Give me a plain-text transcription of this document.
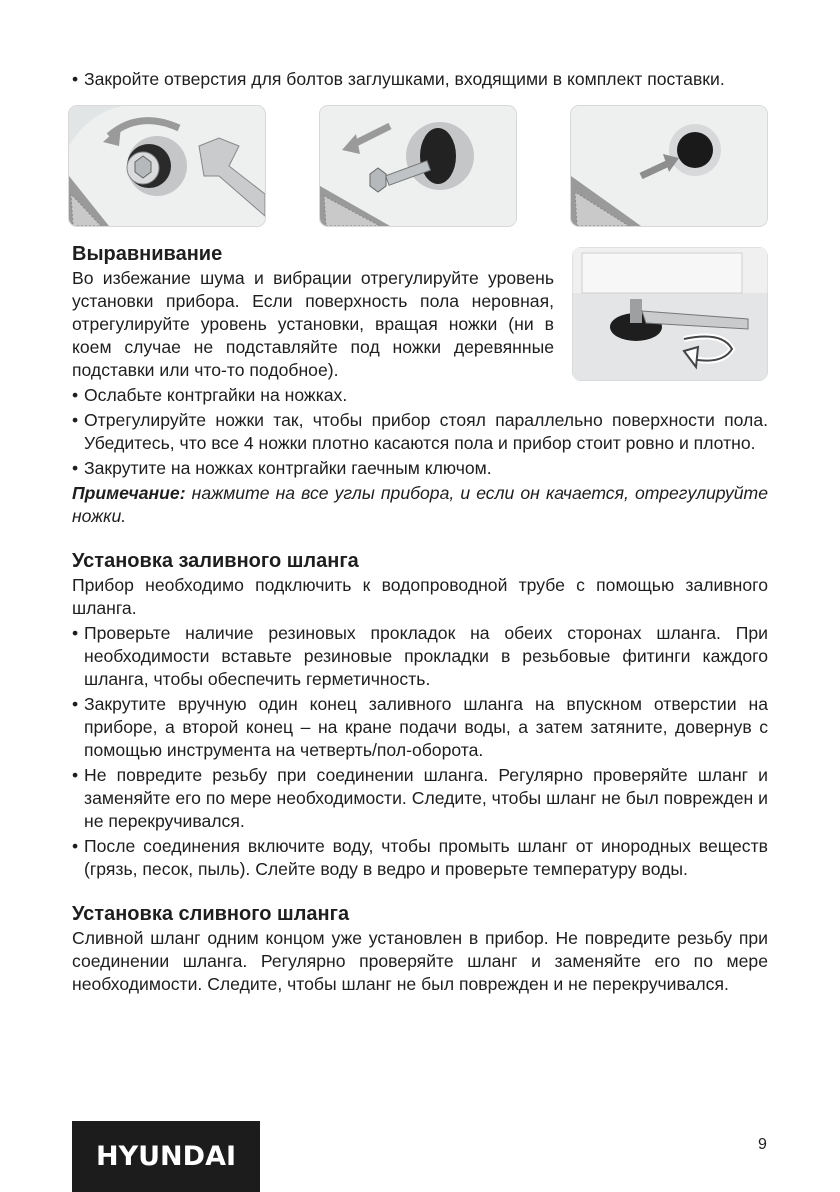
• Закройте отверстия для болтов заглушками, входящими в комплект поставки.
Выравнивание

Во избежание шума и вибрации отрегулируйте уровень установки прибора. Если поверхность пола неровная, отрегулируйте уровень установки, вращая ножки (ни в коем случае не подставляйте под ножки деревянные подставки или что-то подобное).

• Ослабьте контргайки на ножках.
• Отрегулируйте ножки так, чтобы прибор стоял параллельно поверхности пола. Убедитесь, что все 4 ножки плотно касаются пола и прибор стоит ровно и плотно.
• Закрутите на ножках контргайки гаечным ключом.
Примечание: нажмите на все углы прибора, и если он качается, отрегулируйте ножки.
Установка заливного шланга

Прибор необходимо подключить к водопроводной трубе с помощью заливного шланга.

• Проверьте наличие резиновых прокладок на обеих сторонах шланга. При необходимости вставьте резиновые прокладки в резьбовые фитинги каждого шланга, чтобы обеспечить герметичность.
• Закрутите вручную один конец заливного шланга на впускном отверстии на приборе, а второй конец – на кране подачи воды, а затем затяните, довернув с помощью инструмента на четверть/пол-оборота.
• Не повредите резьбу при соединении шланга. Регулярно проверяйте шланг и заменяйте его по мере необходимости. Следите, чтобы шланг не был поврежден и не перекручивался.
• После соединения включите воду, чтобы промыть шланг от инородных веществ (грязь, песок, пыль). Слейте воду в ведро и проверьте температуру воды.
Установка сливного шланга

Сливной шланг одним концом уже установлен в прибор. Не повредите резьбу при соединении шланга. Регулярно проверяйте шланг и заменяйте его по мере необходимости. Следите, чтобы шланг не был поврежден и не перекручивался.

HYUNDAI	9
